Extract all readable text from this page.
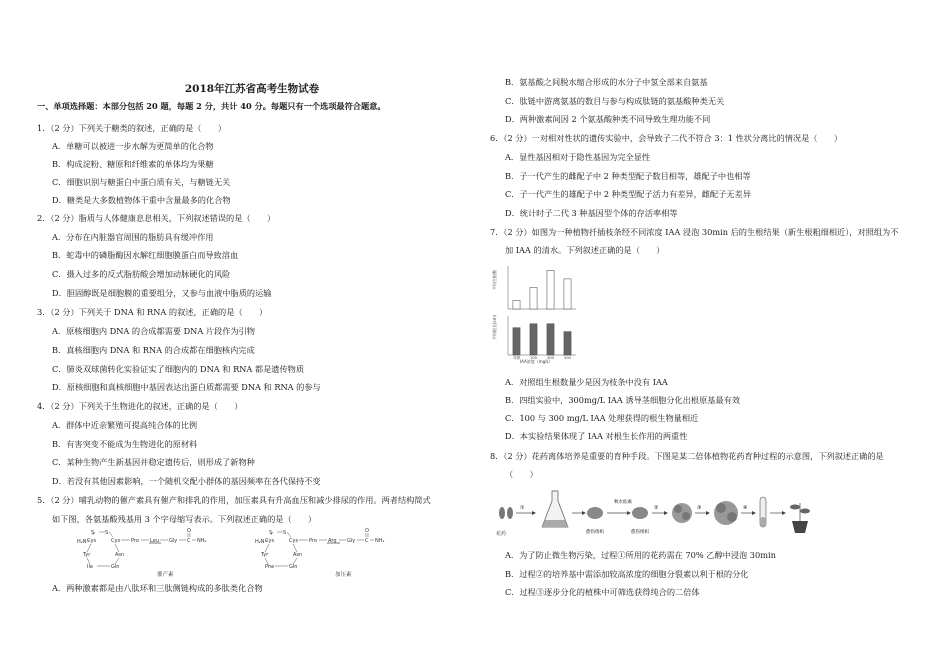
2018年江苏省高考生物试卷
一、单项选择题：本部分包括 20 题，每题 2 分，共计 40 分。每题只有一个选项最符合题意。
1．（2 分）下列关于糖类的叙述，正确的是（　　）
A．单糖可以被进一步水解为更简单的化合物
B．构成淀粉、糖原和纤维素的单体均为果糖
C．细胞识别与糖蛋白中蛋白质有关，与糖链无关
D．糖类是大多数植物体干重中含量最多的化合物
2．（2 分）脂质与人体健康息息相关，下列叙述错误的是（　　）
A．分布在内脏器官周围的脂肪具有缓冲作用
B．蛇毒中的磷脂酶因水解红细胞膜蛋白而导致溶血
C．摄入过多的反式脂肪酸会增加动脉硬化的风险
D．胆固醇既是细胞膜的重要组分，又参与血液中脂质的运输
3．（2 分）下列关于 DNA 和 RNA 的叙述，正确的是（　　）
A．原核细胞内 DNA 的合成都需要 DNA 片段作为引物
B．真核细胞内 DNA 和 RNA 的合成都在细胞核内完成
C．肺炎双球菌转化实验证实了细胞内的 DNA 和 RNA 都是遗传物质
D．原核细胞和真核细胞中基因表达出蛋白质都需要 DNA 和 RNA 的参与
4．（2 分）下列关于生物进化的叙述，正确的是（　　）
A．群体中近亲繁殖可提高纯合体的比例
B．有害突变不能成为生物进化的原材料
C．某种生物产生新基因并稳定遗传后，则形成了新物种
D．若没有其他因素影响，一个随机交配小群体的基因频率在各代保持不变
5．（2 分）哺乳动物的催产素具有催产和排乳的作用，加压素具有升高血压和减少排尿的作用。两者结构简式
如下图，各氨基酸残基用 3 个字母缩写表示。下列叙述正确的是（　　）
H₂N
S S
Cys	Cys
Tyr	Asn
Ile	Gln
Pro Leu Gly C NH₂
O
催产素
H₂N
S S
Cys	Cys
Tyr	Asn
Phe	Gln
Pro Arg Gly C NH₂
O
加压素
A．两种激素都是由八肽环和三肽侧链构成的多肽类化合物
B．氨基酸之间脱水缩合形成的水分子中氢全部来自氨基
C．肽链中游离氨基的数目与参与构成肽链的氨基酸种类无关
D．两种激素间因 2 个氨基酸种类不同导致生理功能不同
6．（2 分）一对相对性状的遗传实验中，会导致子二代不符合 3：1 性状分离比的情况是（　　）
A．显性基因相对于隐性基因为完全显性
B．子一代产生的雌配子中 2 种类型配子数目相等，雄配子中也相等
C．子一代产生的雄配子中 2 种类型配子活力有差异，雌配子无差异
D．统计时子二代 3 种基因型个体的存活率相等
7．（2 分）如图为一种植物扦插枝条经不同浓度 IAA 浸泡 30min 后的生根结果（新生根粗细相近），对照组为不
加 IAA 的清水。下列叙述正确的是（　　）
平均生根数
平均根长(cm)
IAA浓度（mg/L）
对照	100	300	500
A．对照组生根数量少是因为枝条中没有 IAA
B．四组实验中，300mg/L IAA 诱导茎细胞分化出根原基最有效
C．100 与 300 mg/L IAA 处理获得的根生物量相近
D．本实验结果体现了 IAA 对根生长作用的两重性
8．（2 分）花药离体培养是重要的育种手段。下图是某二倍体植物花药育种过程的示意图，下列叙述正确的是
（　　）
花药
①
愈伤组织
秋水仙素
愈伤组织
②	③	④
A．为了防止微生物污染，过程①所用的花药需在 70% 乙醇中浸泡 30min
B．过程②的培养基中需添加较高浓度的细胞分裂素以利于根的分化
C．过程③逐步分化的植株中可筛选获得纯合的二倍体
